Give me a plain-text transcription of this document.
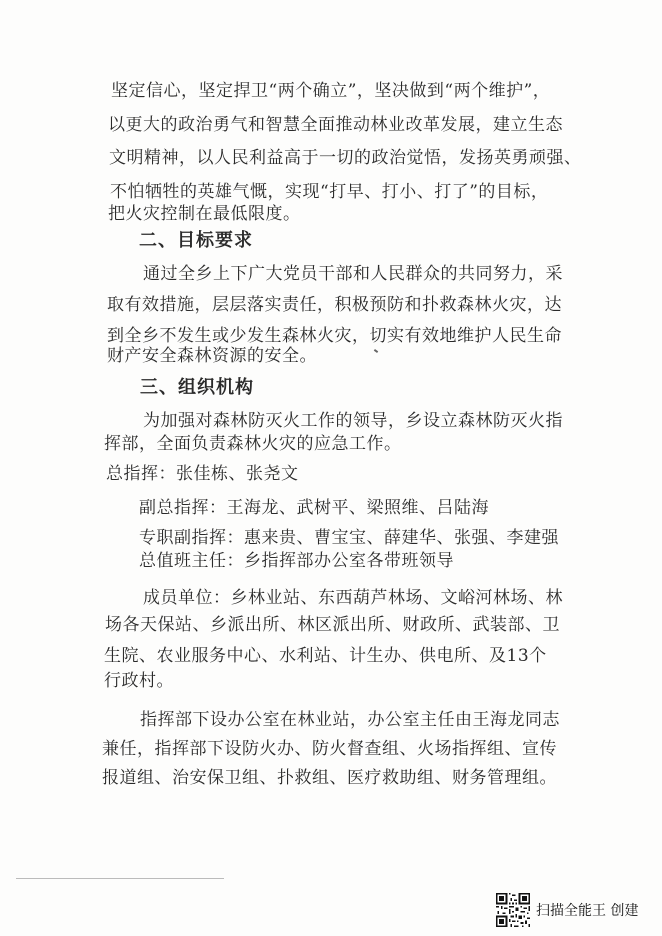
坚定信心，坚定捍卫“两个确立”，坚决做到“两个维护”，
以更大的政治勇气和智慧全面推动林业改革发展，建立生态
文明精神，以人民利益高于一切的政治觉悟，发扬英勇顽强、
不怕牺牲的英雄气慨，实现“打早、打小、打了”的目标，
把火灾控制在最低限度。
二、目标要求
通过全乡上下广大党员干部和人民群众的共同努力，采
取有效措施，层层落实责任，积极预防和扑救森林火灾，达
到全乡不发生或少发生森林火灾，切实有效地维护人民生命
财产安全森林资源的安全。
三、组织机构
为加强对森林防灭火工作的领导，乡设立森林防灭火指
挥部，全面负责森林火灾的应急工作。
总指挥：张佳栋、张尧文
副总指挥：王海龙、武树平、梁照维、吕陆海
专职副指挥：惠来贵、曹宝宝、薛建华、张强、李建强
总值班主任：乡指挥部办公室各带班领导
成员单位：乡林业站、东西葫芦林场、文峪河林场、林
场各天保站、乡派出所、林区派出所、财政所、武装部、卫
生院、农业服务中心、水利站、计生办、供电所、及13个
行政村。
指挥部下设办公室在林业站，办公室主任由王海龙同志
兼任，指挥部下设防火办、防火督查组、火场指挥组、宣传
报道组、治安保卫组、扑救组、医疗救助组、财务管理组。
扫描全能王 创建
